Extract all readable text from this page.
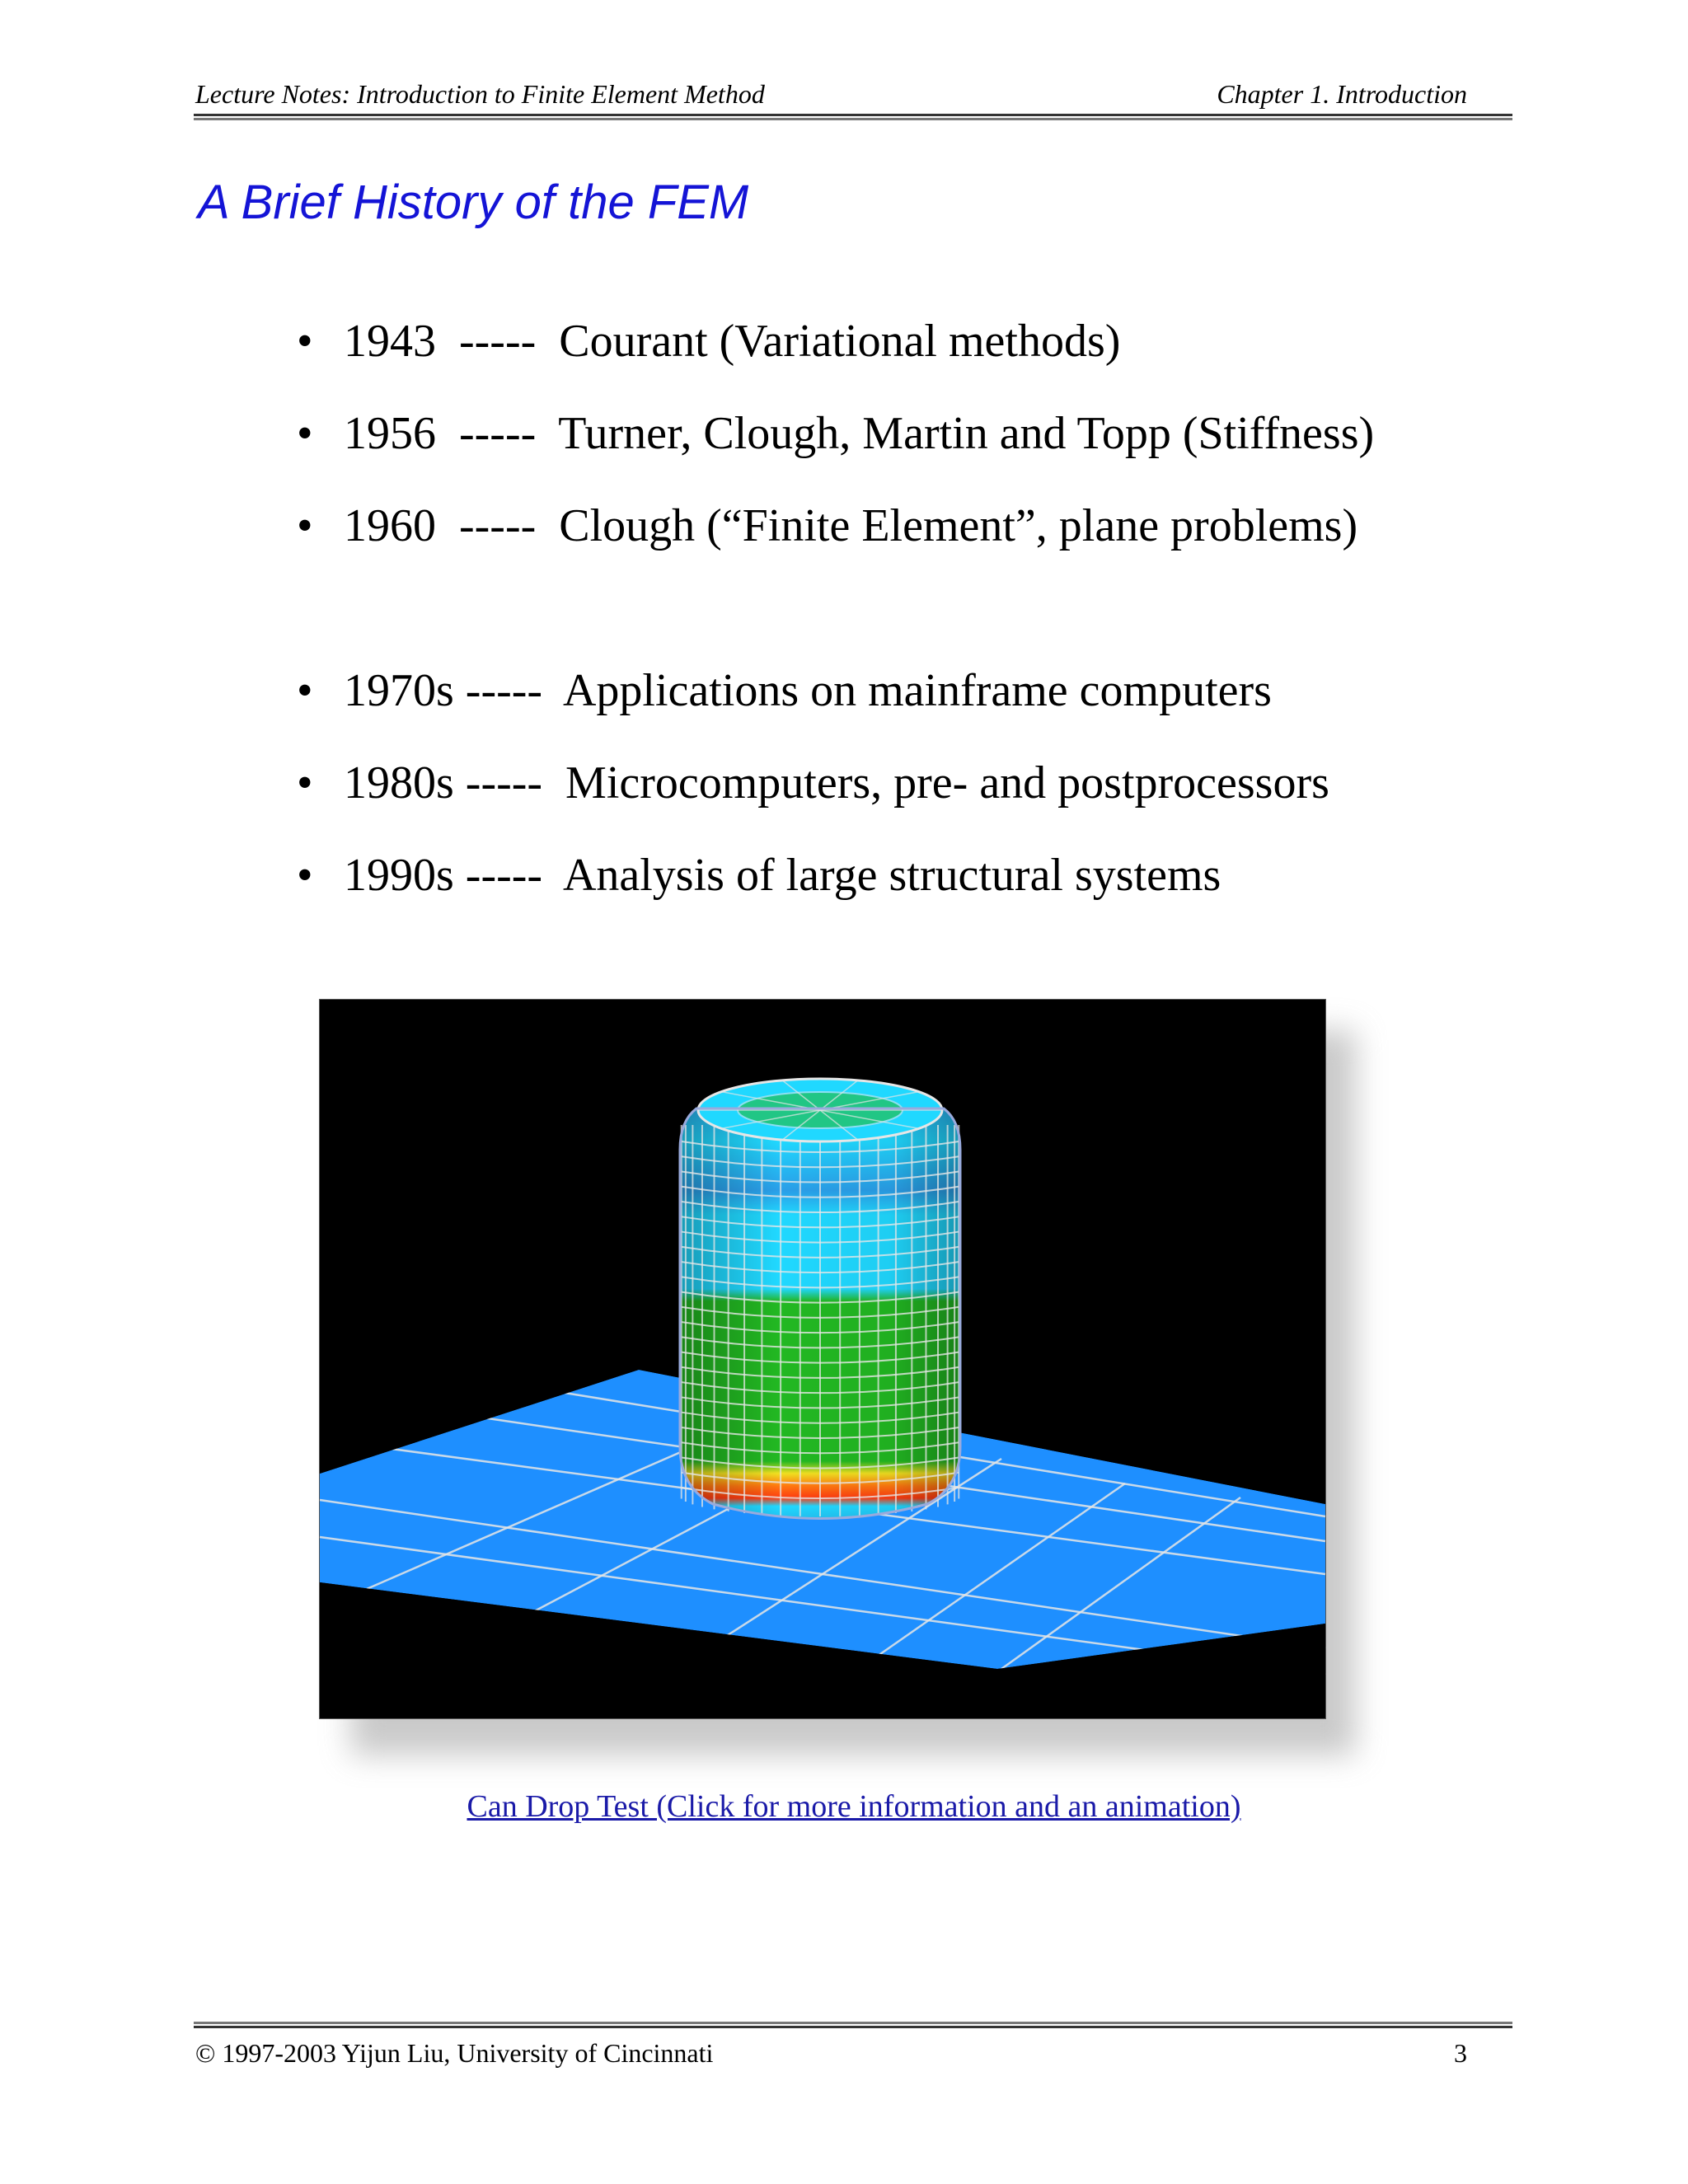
Lecture Notes: Introduction to Finite Element Method	Chapter 1. Introduction
A Brief History of the FEM

•

1943  -----  Courant (Variational methods)

•

1956  -----  Turner, Clough, Martin and Topp (Stiffness)

•

1960  -----  Clough (“Finite Element”, plane problems)

•

1970s -----  Applications on mainframe computers

•

1980s -----  Microcomputers, pre- and postprocessors

•

1990s -----  Analysis of large structural systems

Can Drop Test (Click for more information and an animation)
© 1997-2003 Yijun Liu, University of Cincinnati	3
